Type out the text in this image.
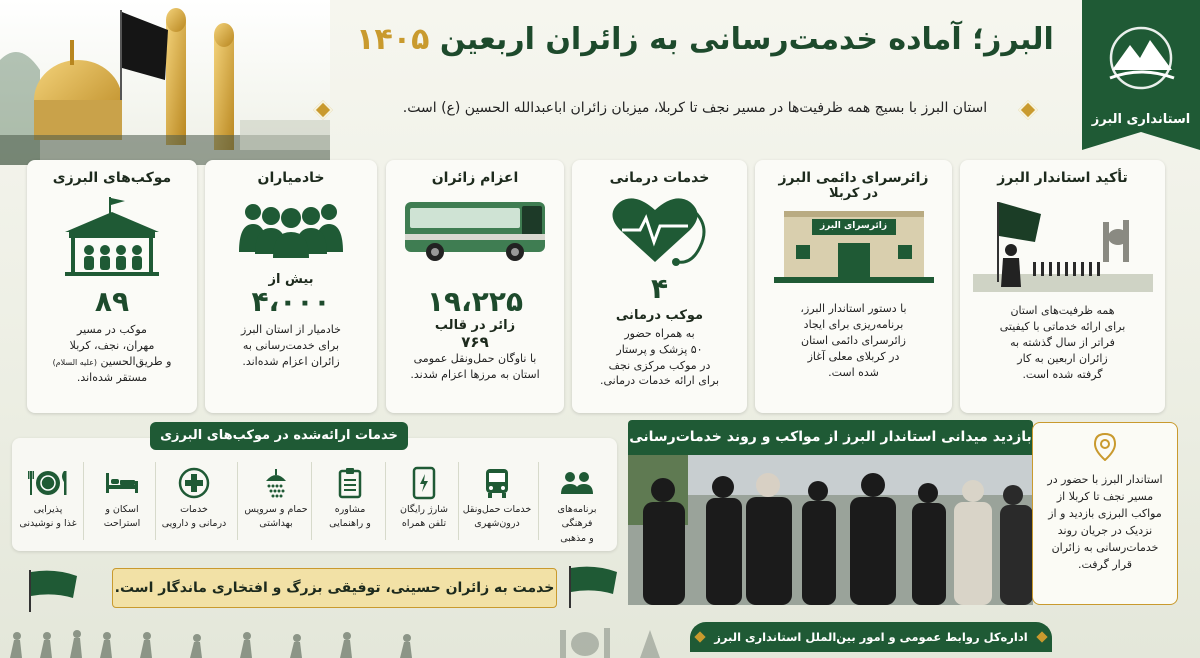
استانداری البرز
البرز؛ آماده خدمت‌رسانی به زائران اربعین ۱۴۰۵
استان البرز با بسیج همه ظرفیت‌ها در مسیر نجف تا کربلا، میزبان زائران اباعبدالله الحسین (ع) است.
موکب‌های البرزی
۸۹
موکب در مسیر
مهران، نجف، کربلا
و طریق‌الحسین (علیه السلام)
مستقر شده‌اند.
خادمیاران
بیش از
۴،۰۰۰
خادمیار از استان البرز
برای خدمت‌رسانی به
زائران اعزام شده‌اند.
اعزام زائران
۱۹،۲۲۵
زائر در قالب
۷۶۹
با ناوگان حمل‌ونقل عمومی
استان به مرزها اعزام شدند.
خدمات درمانی
۴
موکب درمانی
به همراه حضور
۵۰ پزشک و پرستار
در موکب مرکزی نجف
برای ارائه خدمات درمانی.
زائرسرای دائمی البرز
در کربلا
زائرسرای البرز
با دستور استاندار البرز،
برنامه‌ریزی برای ایجاد
زائرسرای دائمی استان
در کربلای معلی آغاز
شده است.
تأکید استاندار البرز
همه ظرفیت‌های استان
برای ارائه خدماتی با کیفیتی
فراتر از سال گذشته به
زائران اربعین به کار
گرفته شده است.
خدمات ارائه‌شده در موکب‌های البرزی
برنامه‌های فرهنگی
و مذهبی
خدمات حمل‌ونقل
درون‌شهری
شارژ رایگان
تلفن همراه
مشاوره
و راهنمایی
حمام و سرویس
بهداشتی
خدمات
درمانی و دارویی
اسکان و
استراحت
پذیرایی
غذا و نوشیدنی
بازدید میدانی استاندار البرز از مواکب و روند خدمات‌رسانی

استاندار البرز با حضور در مسیر نجف تا کربلا از مواکب البرزی بازدید و از نزدیک در جریان روند خدمات‌رسانی به زائران قرار گرفت.

خدمت به زائران حسینی، توفیقی بزرگ و افتخاری ماندگار است.
اداره‌کل روابط عمومی و امور بین‌الملل استانداری البرز
